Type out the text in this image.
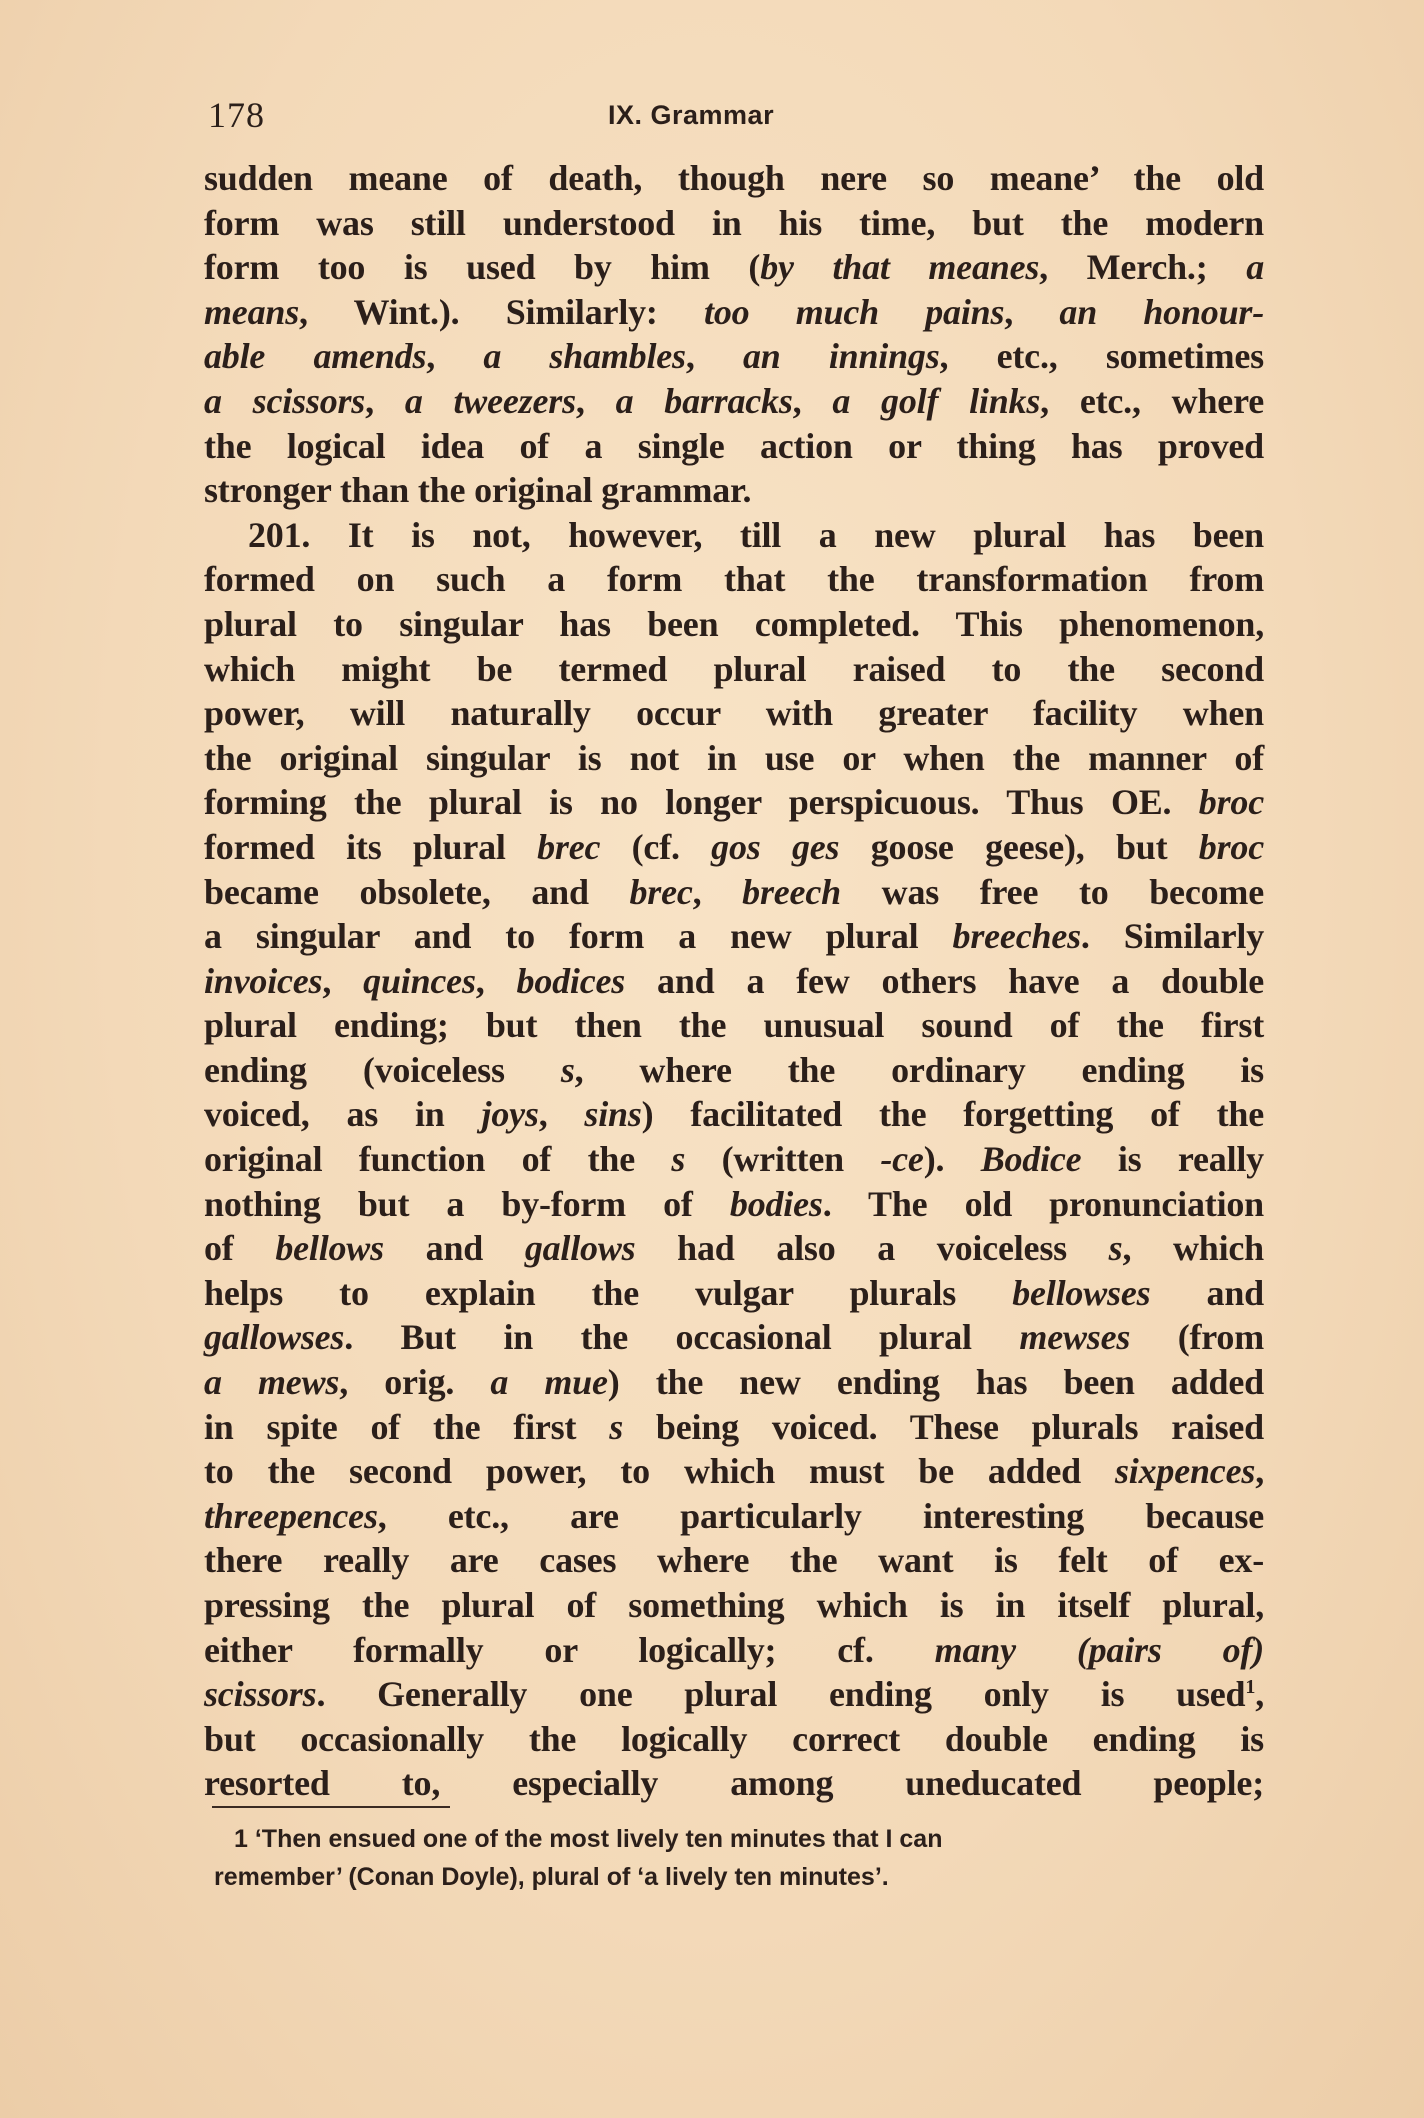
178	IX. Grammar
sudden meane of death, though nere so meane’ the old
form was still understood in his time, but the modern
form too is used by him (by that meanes, Merch.; a
means, Wint.). Similarly: too much pains, an honour-
able amends, a shambles, an innings, etc., sometimes
a scissors, a tweezers, a barracks, a golf links, etc., where
the logical idea of a single action or thing has proved
stronger than the original grammar.
201. It is not, however, till a new plural has been
formed on such a form that the transformation from
plural to singular has been completed. This phenomenon,
which might be termed plural raised to the second
power, will naturally occur with greater facility when
the original singular is not in use or when the manner of
forming the plural is no longer perspicuous. Thus OE. broc
formed its plural brec (cf. gos ges goose geese), but broc
became obsolete, and brec, breech was free to become
a singular and to form a new plural breeches. Similarly
invoices, quinces, bodices and a few others have a double
plural ending; but then the unusual sound of the first
ending (voiceless s, where the ordinary ending is
voiced, as in joys, sins) facilitated the forgetting of the
original function of the s (written -ce). Bodice is really
nothing but a by-form of bodies. The old pronunciation
of bellows and gallows had also a voiceless s, which
helps to explain the vulgar plurals bellowses and
gallowses. But in the occasional plural mewses (from
a mews, orig. a mue) the new ending has been added
in spite of the first s being voiced. These plurals raised
to the second power, to which must be added sixpences,
threepences, etc., are particularly interesting because
there really are cases where the want is felt of ex-
pressing the plural of something which is in itself plural,
either formally or logically; cf. many (pairs of)
scissors. Generally one plural ending only is used$^1$,
but occasionally the logically correct double ending is
resorted to, especially among uneducated people;
1 ‘Then ensued one of the most lively ten minutes that I can
remember’ (Conan Doyle), plural of ‘a lively ten minutes’.
